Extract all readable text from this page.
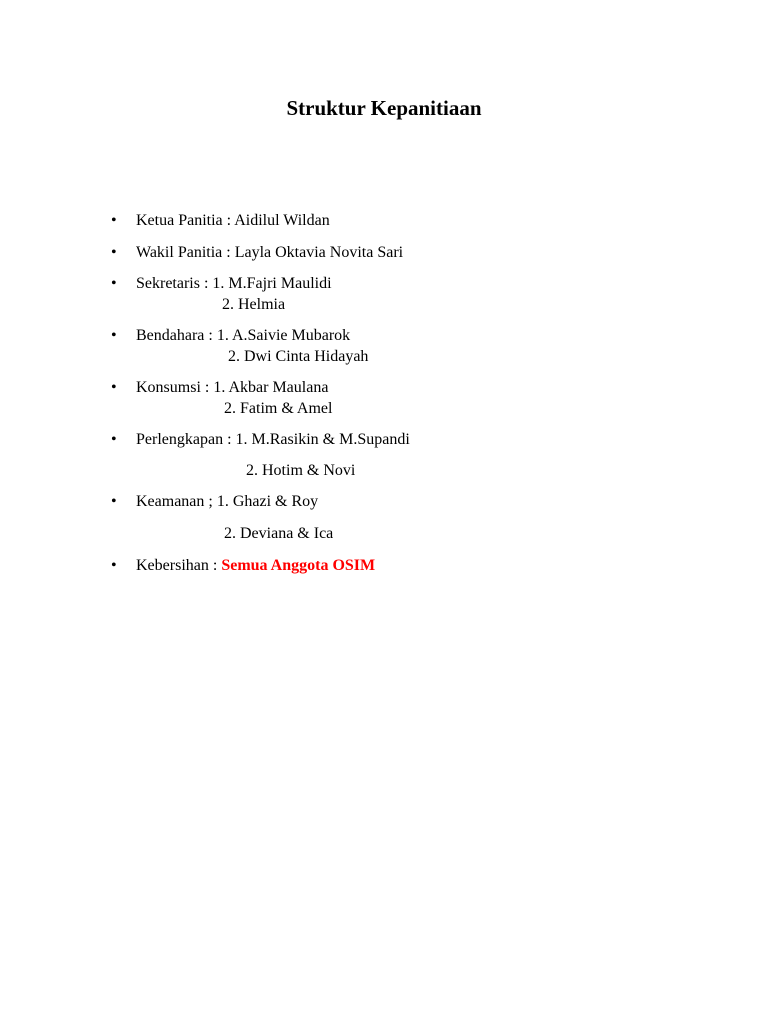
Struktur Kepanitiaan
• Ketua Panitia : Aidilul Wildan
• Wakil Panitia : Layla Oktavia Novita Sari
• Sekretaris : 1. M.Fajri Maulidi
2. Helmia
• Bendahara : 1. A.Saivie Mubarok
2. Dwi Cinta Hidayah
• Konsumsi : 1. Akbar Maulana
2. Fatim & Amel
• Perlengkapan : 1. M.Rasikin & M.Supandi
2. Hotim & Novi
• Keamanan ; 1. Ghazi & Roy
2. Deviana & Ica
• Kebersihan : Semua Anggota OSIM
